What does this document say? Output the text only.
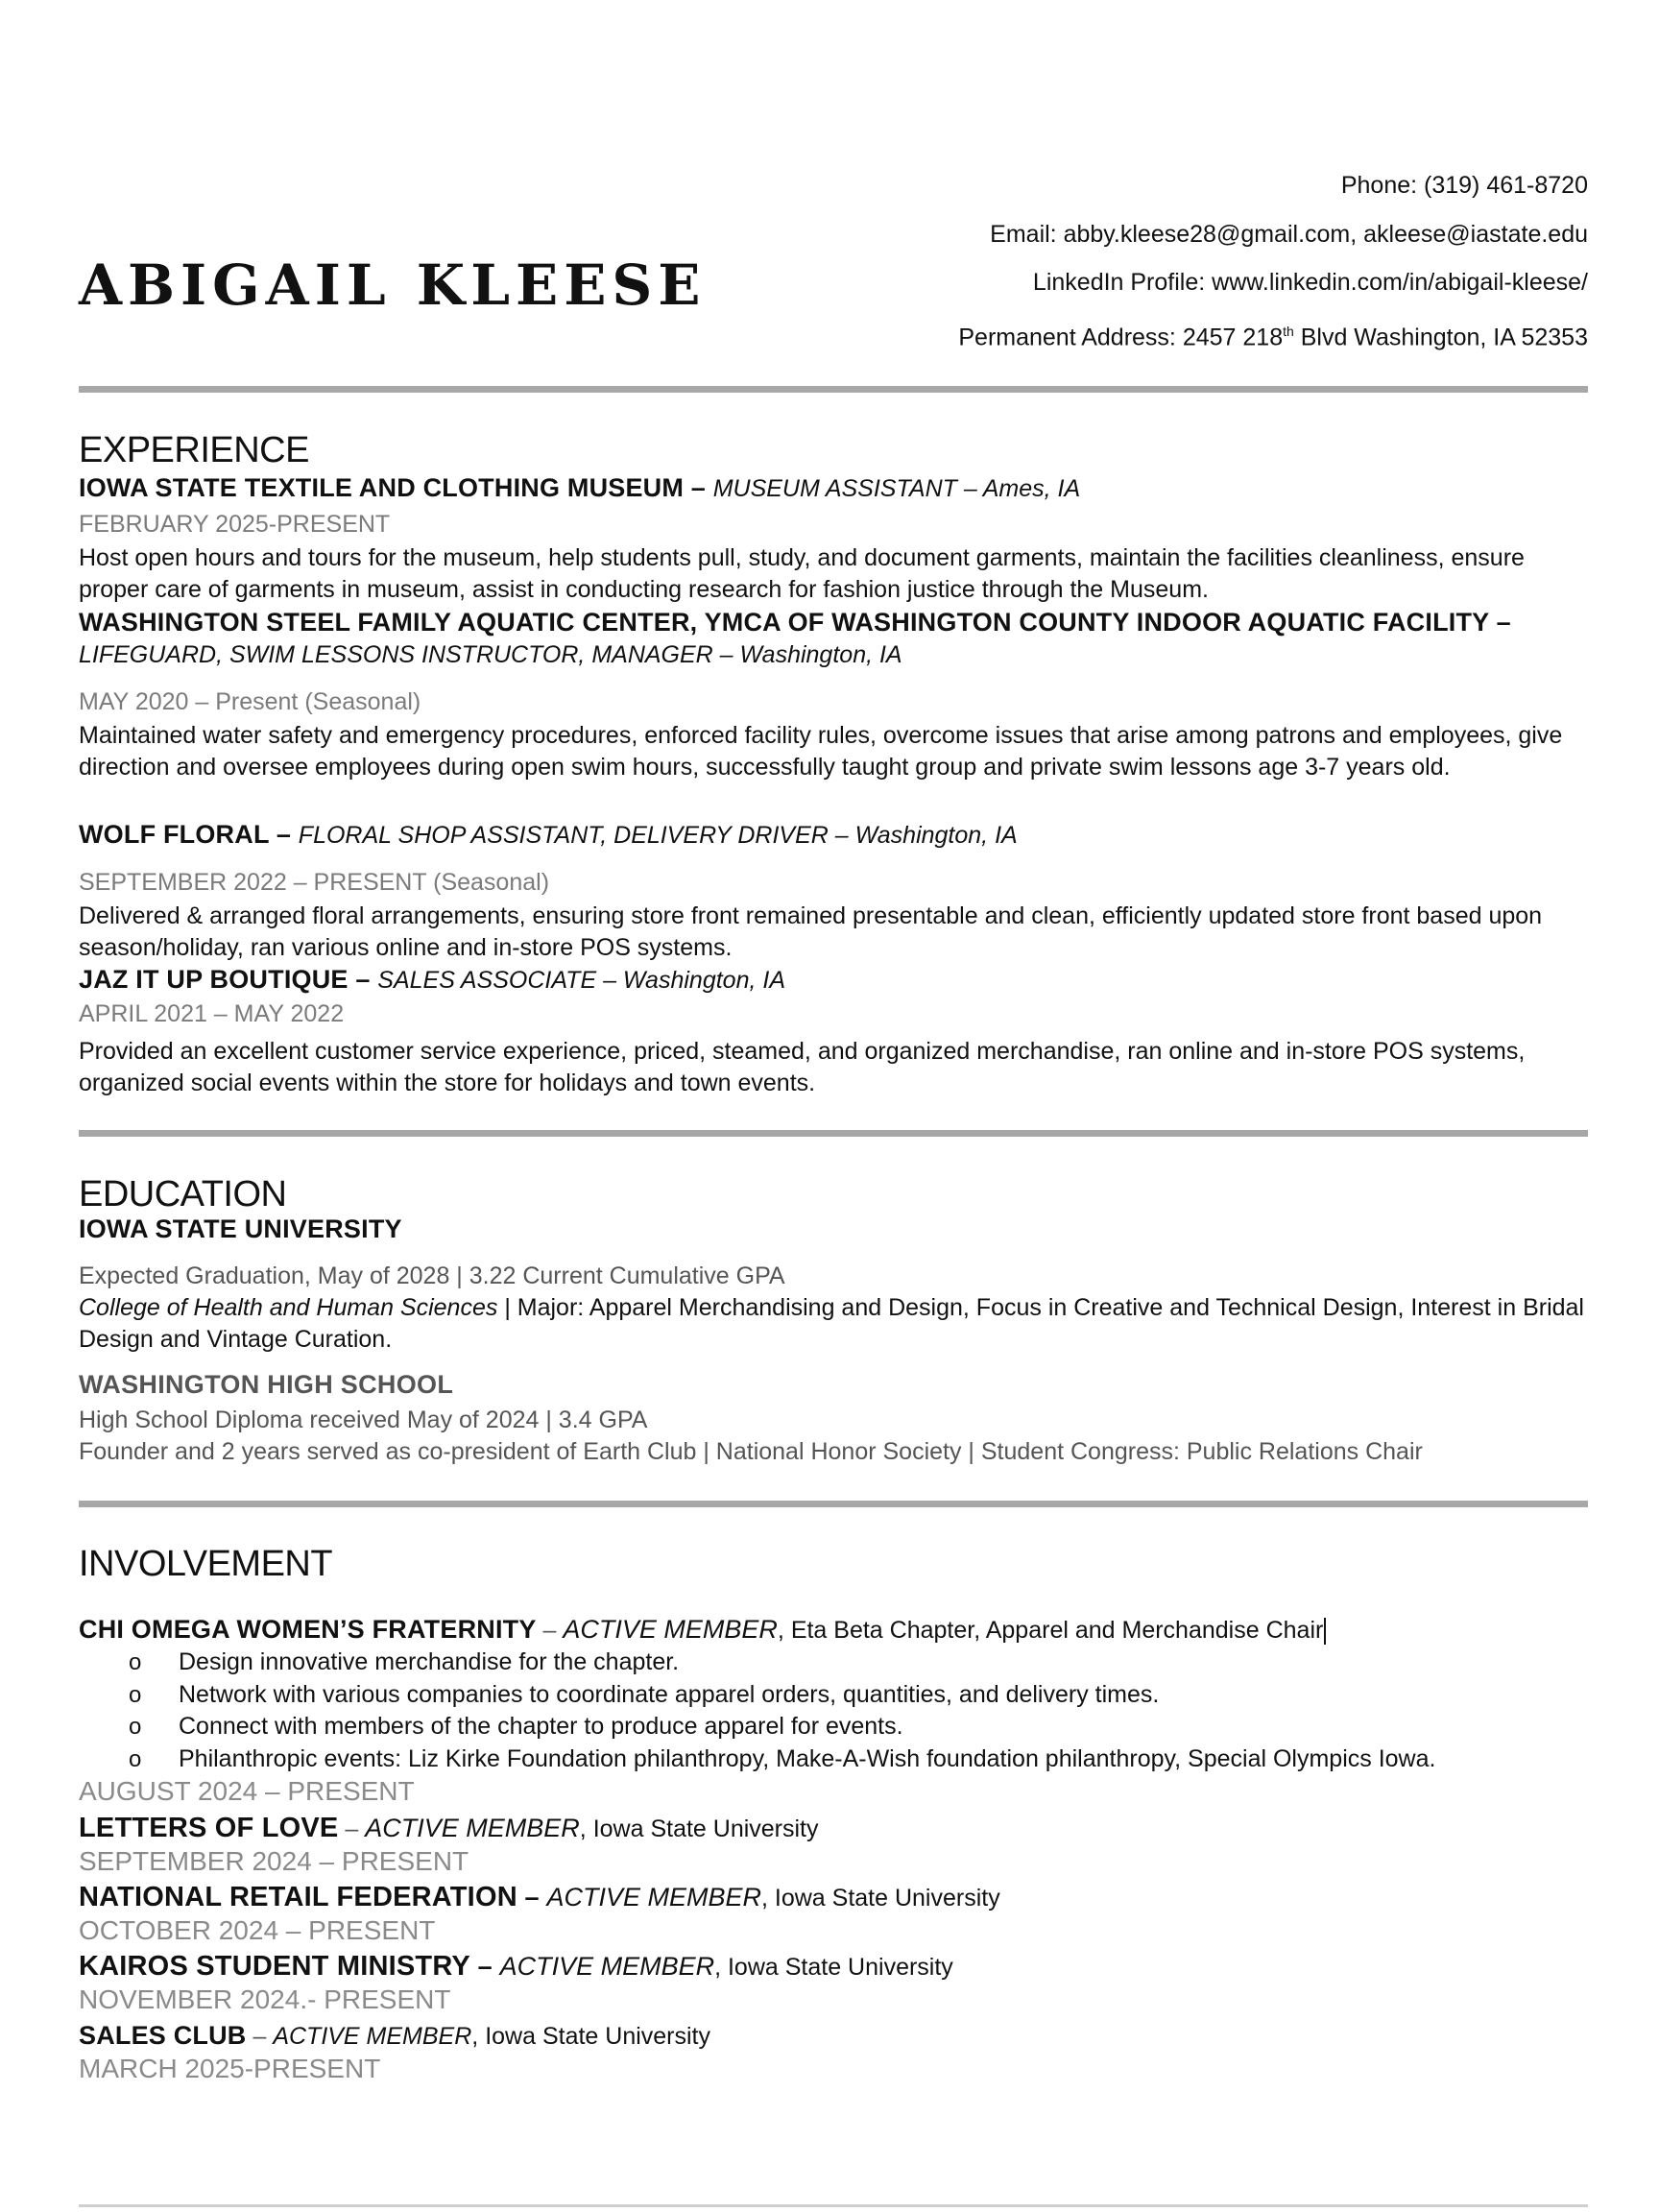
ABIGAIL KLEESE
Phone: (319) 461-8720
Email: abby.kleese28@gmail.com, akleese@iastate.edu
LinkedIn Profile: www.linkedin.com/in/abigail-kleese/
Permanent Address: 2457 218th Blvd Washington, IA 52353
EXPERIENCE
IOWA STATE TEXTILE AND CLOTHING MUSEUM – MUSEUM ASSISTANT – Ames, IA
FEBRUARY 2025-PRESENT
Host open hours and tours for the museum, help students pull, study, and document garments, maintain the facilities cleanliness, ensure proper care of garments in museum, assist in conducting research for fashion justice through the Museum.
WASHINGTON STEEL FAMILY AQUATIC CENTER, YMCA OF WASHINGTON COUNTY INDOOR AQUATIC FACILITY – LIFEGUARD, SWIM LESSONS INSTRUCTOR, MANAGER – Washington, IA
MAY 2020 – Present (Seasonal)
Maintained water safety and emergency procedures, enforced facility rules, overcome issues that arise among patrons and employees, give direction and oversee employees during open swim hours, successfully taught group and private swim lessons age 3-7 years old.
WOLF FLORAL – FLORAL SHOP ASSISTANT, DELIVERY DRIVER – Washington, IA
SEPTEMBER 2022 – PRESENT (Seasonal)
Delivered & arranged floral arrangements, ensuring store front remained presentable and clean, efficiently updated store front based upon season/holiday, ran various online and in-store POS systems.
JAZ IT UP BOUTIQUE – SALES ASSOCIATE – Washington, IA
APRIL 2021 – MAY 2022
Provided an excellent customer service experience, priced, steamed, and organized merchandise, ran online and in-store POS systems, organized social events within the store for holidays and town events.
EDUCATION
IOWA STATE UNIVERSITY
Expected Graduation, May of 2028 | 3.22 Current Cumulative GPA
College of Health and Human Sciences | Major: Apparel Merchandising and Design, Focus in Creative and Technical Design, Interest in Bridal Design and Vintage Curation.
WASHINGTON HIGH SCHOOL
High School Diploma received May of 2024 | 3.4 GPA
Founder and 2 years served as co-president of Earth Club | National Honor Society | Student Congress: Public Relations Chair
INVOLVEMENT
CHI OMEGA WOMEN’S FRATERNITY – ACTIVE MEMBER, Eta Beta Chapter, Apparel and Merchandise Chair
o Design innovative merchandise for the chapter.
o Network with various companies to coordinate apparel orders, quantities, and delivery times.
o Connect with members of the chapter to produce apparel for events.
o Philanthropic events: Liz Kirke Foundation philanthropy, Make-A-Wish foundation philanthropy, Special Olympics Iowa.
AUGUST 2024 – PRESENT
LETTERS OF LOVE – ACTIVE MEMBER, Iowa State University
SEPTEMBER 2024 – PRESENT
NATIONAL RETAIL FEDERATION – ACTIVE MEMBER, Iowa State University
OCTOBER 2024 – PRESENT
KAIROS STUDENT MINISTRY – ACTIVE MEMBER, Iowa State University
NOVEMBER 2024.- PRESENT
SALES CLUB – ACTIVE MEMBER, Iowa State University
MARCH 2025-PRESENT
